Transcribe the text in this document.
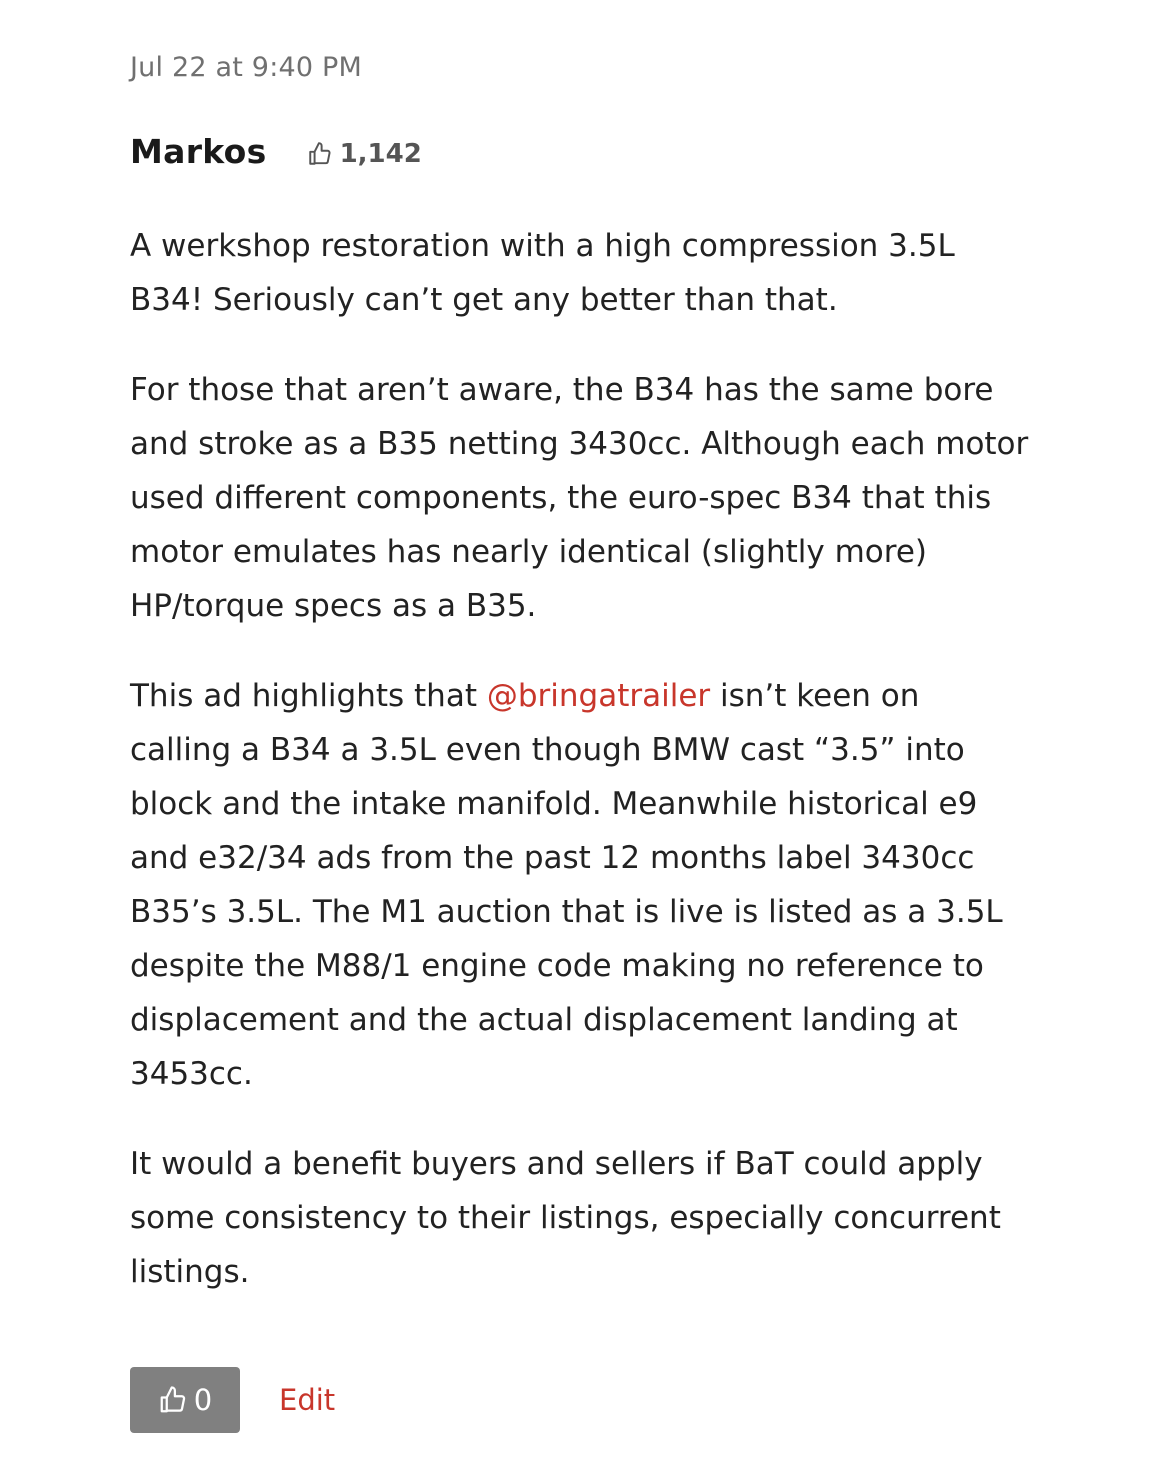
Jul 22 at 9:40 PM
Markos	1,142

A werkshop restoration with a high compression 3.5L B34! Seriously can’t get any better than that.

For those that aren’t aware, the B34 has the same bore and stroke as a B35 netting 3430cc. Although each motor used different components, the euro-spec B34 that this motor emulates has nearly identical (slightly more) HP/torque specs as a B35.

This ad highlights that @bringatrailer isn’t keen on calling a B34 a 3.5L even though BMW cast “3.5” into block and the intake manifold. Meanwhile historical e9 and e32/34 ads from the past 12 months label 3430cc B35’s 3.5L. The M1 auction that is live is listed as a 3.5L despite the M88/1 engine code making no reference to displacement and the actual displacement landing at 3453cc.

It would a benefit buyers and sellers if BaT could apply some consistency to their listings, especially concurrent listings.

0 Edit
